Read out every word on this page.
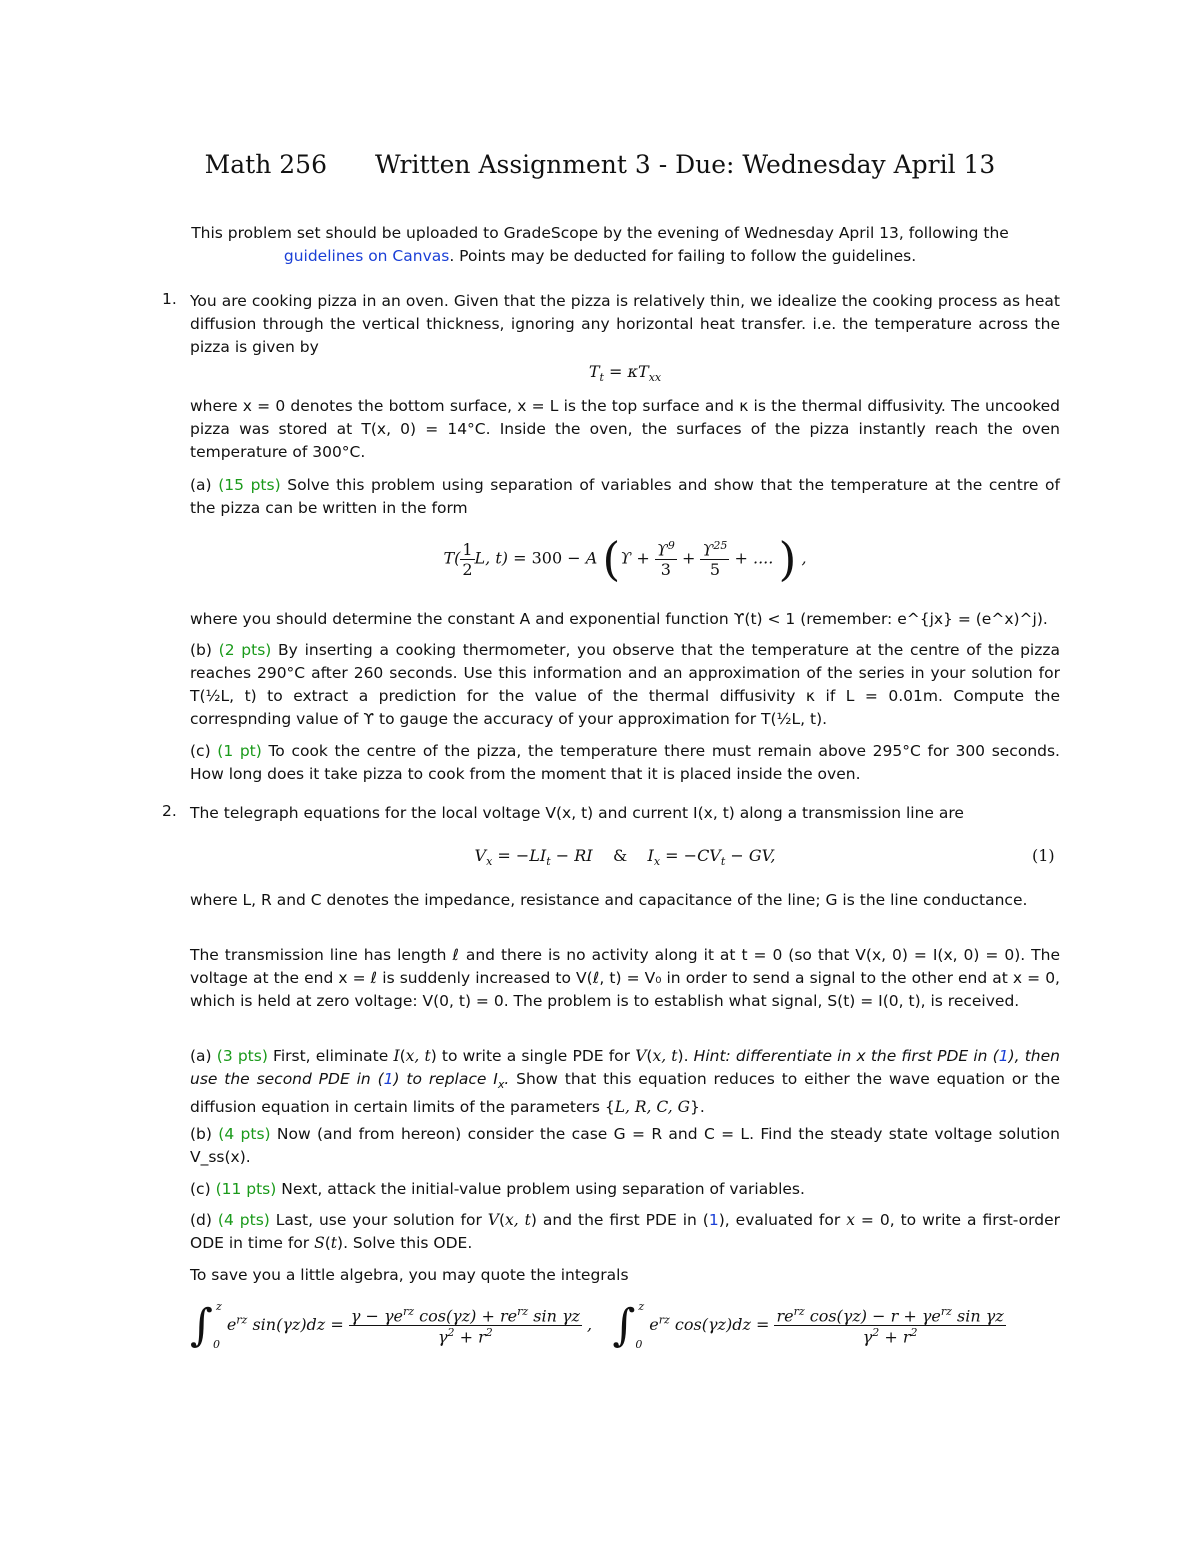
Math 256 Written Assignment 3 - Due: Wednesday April 13
This problem set should be uploaded to GradeScope by the evening of Wednesday April 13, following the
guidelines on Canvas. Points may be deducted for failing to follow the guidelines.
1. You are cooking pizza in an oven. Given that the pizza is relatively thin, we idealize the cooking process as heat diffusion through the vertical thickness, ignoring any horizontal heat transfer. i.e. the temperature across the pizza is given by
$T_t = \kappa T_{xx}$
where x = 0 denotes the bottom surface, x = L is the top surface and κ is the thermal diffusivity. The uncooked pizza was stored at T(x, 0) = 14°C. Inside the oven, the surfaces of the pizza instantly reach the oven temperature of 300°C.
(a) (15 pts) Solve this problem using separation of variables and show that the temperature at the centre of the pizza can be written in the form
$T( \frac{1}{2} L$, t) = 300 − A ($ϒ + \frac{ϒ^9}{3} + \frac{ϒ^{25}}{5}$ + .... ) ,
where you should determine the constant A and exponential function ϒ(t) < 1 (remember: e^{jx} = (e^x)^j).
(b) (2 pts) By inserting a cooking thermometer, you observe that the temperature at the centre of the pizza reaches 290°C after 260 seconds. Use this information and an approximation of the series in your solution for T(½L, t) to extract a prediction for the value of the thermal diffusivity κ if L = 0.01m. Compute the correspnding value of ϒ to gauge the accuracy of your approximation for T(½L, t).
(c) (1 pt) To cook the centre of the pizza, the temperature there must remain above 295°C for 300 seconds. How long does it take pizza to cook from the moment that it is placed inside the oven.
2. The telegraph equations for the local voltage V(x, t) and current I(x, t) along a transmission line are
$V_x = -LI_t$ − RI    &    $I_x = -CV_t$ − GV,	(1)
where L, R and C denotes the impedance, resistance and capacitance of the line; G is the line conductance.
The transmission line has length ℓ and there is no activity along it at t = 0 (so that V(x, 0) = I(x, 0) = 0). The voltage at the end x = ℓ is suddenly increased to V(ℓ, t) = V₀ in order to send a signal to the other end at x = 0, which is held at zero voltage: V(0, t) = 0. The problem is to establish what signal, S(t) = I(0, t), is received.
(a) (3 pts) First, eliminate I(x, t) to write a single PDE for V(x, t). Hint: differentiate in x the first PDE in (1), then use the second PDE in (1) to replace $I_x$. Show that this equation reduces to either the wave equation or the diffusion equation in certain limits of the parameters {L, R, C, G}.
(b) (4 pts) Now (and from hereon) consider the case G = R and C = L. Find the steady state voltage solution V_ss(x).
(c) (11 pts) Next, attack the initial-value problem using separation of variables.
(d) (4 pts) Last, use your solution for V(x, t) and the first PDE in (1), evaluated for x = 0, to write a first-order ODE in time for S(t). Solve this ODE.
To save you a little algebra, you may quote the integrals
$\int_0^z$ $e^{rz}$ $\sin(\gamma z)dz = \frac{\gamma - \gamma e^{rz} \cos(\gamma z) + re^{rz} \sin \gamma z}{\gamma^2 + r^2}$ ,    $\int_0^z$ $e^{rz}$ $\cos(\gamma z)dz = \frac{re^{rz} \cos(\gamma z) - r + \gamma e^{rz} \sin \gamma z}{\gamma^2 + r^2}$
